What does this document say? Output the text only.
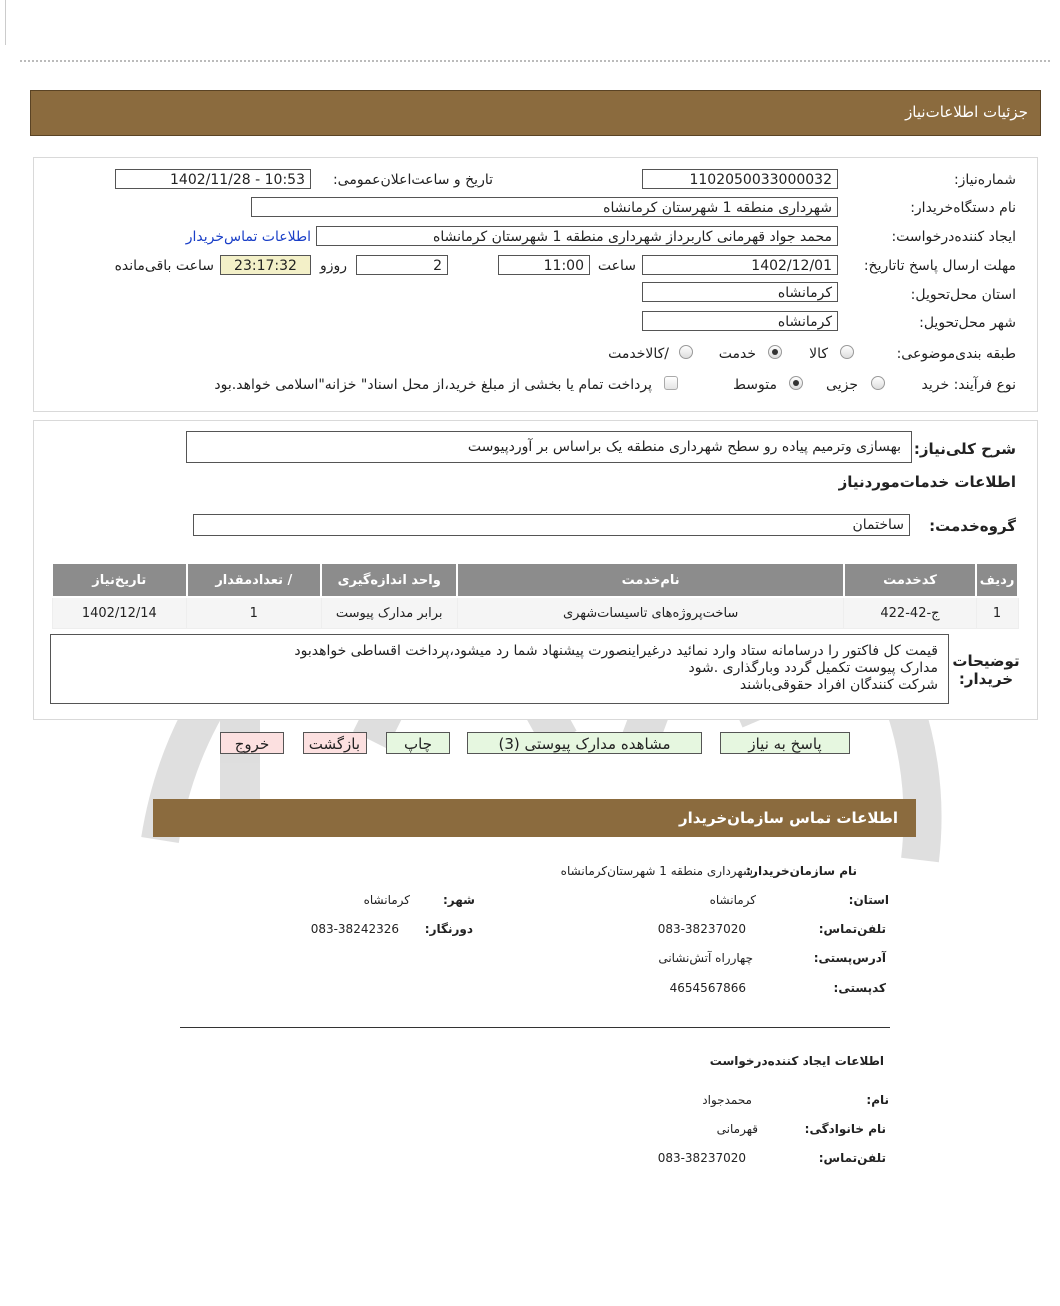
جزئیات اطلاعات‌نیاز
شماره‌نیاز:
1102050033000032
تاریخ و ساعت‌اعلان‌عمومی:
1402/11/28 - 10:53
نام دستگاه‌خریدار:
شهرداری منطقه 1 شهرستان کرمانشاه
ایجاد کننده‌درخواست:
محمد جواد قهرمانی کاربرداز شهرداری منطقه 1 شهرستان کرمانشاه
اطلاعات تماس‌خریدار
مهلت ارسال پاسخ تا‌تاریخ:
1402/12/01
ساعت
11:00
2
روزو
23:17:32
ساعت باقی‌مانده
استان محل‌تحویل:
کرمانشاه
شهر محل‌تحویل:
کرمانشاه
طبقه بندی‌موضوعی:
کالا
خدمت
/کالاخدمت
نوع فرآیند: خرید
جزیی
متوسط
پرداخت تمام یا بخشی از مبلغ خرید،از محل اسناد" خزانه"اسلامی خواهد.بود
شرح کلی‌نیاز:
بهسازی وترمیم پیاده رو سطح شهرداری منطقه یک براساس بر آوردپیوست
اطلاعات خدمات‌موردنیاز
گروه‌خدمت:
ساختمان
ردیف	کدخدمت	نام‌خدمت	واحد اندازه‌گیری	/ تعدادمقدار	تاریخ‌نیاز
1	ج-42-422	ساخت‌پروژه‌های تاسیسات‌شهری	برابر مدارک پیوست	1	1402/12/14
توضیحات خریدار:
قیمت کل فاکتور را درسامانه ستاد وارد نمائید درغیراینصورت پیشنهاد شما رد میشود،پرداخت اقساطی خواهدبود
مدارک پیوست تکمیل گردد وبارگذاری .شود
شرکت کنندگان افراد حقوقی‌باشند
پاسخ به نیاز
مشاهده مدارک پیوستی (3)
چاپ
بازگشت
خروج
اطلاعات تماس سازمان‌خریدار
نام سازمان‌خریدار:
شهرداری منطقه 1 شهرستان‌کرمانشاه
استان:
کرمانشاه
شهر:
کرمانشاه
تلفن‌تماس:
083-38237020
دورنگار:
083-38242326
آدرس‌پستی:
چهارراه آتش‌نشانی
کد‌پستی:
4654567866
اطلاعات ایجاد کننده‌درخواست
نام:
محمدجواد
نام خانوادگی:
قهرمانی
تلفن‌تماس:
083-38237020
